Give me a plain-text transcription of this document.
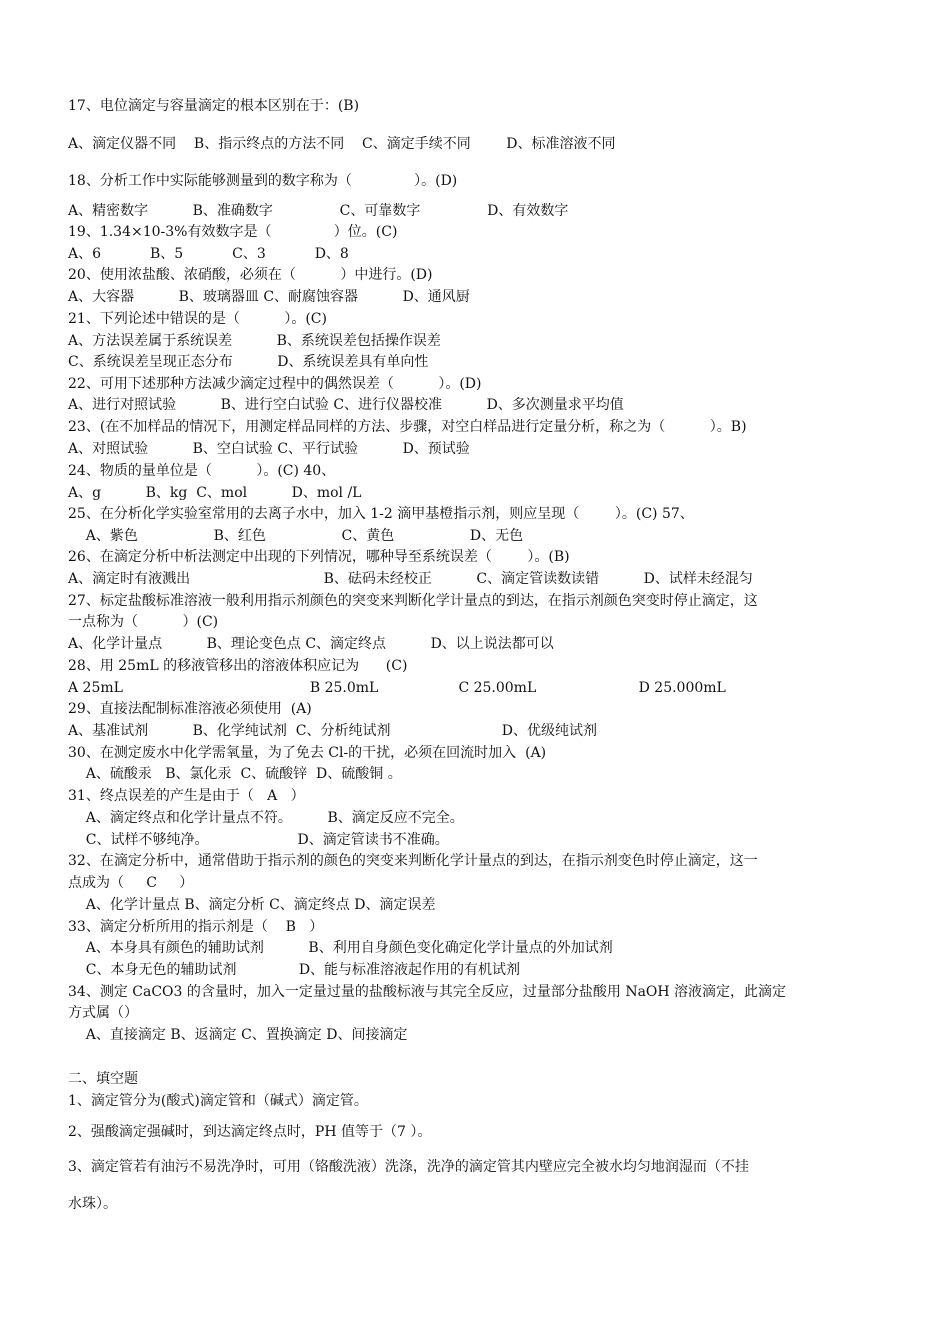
17、电位滴定与容量滴定的根本区别在于：(B)
A、滴定仪器不同    B、指示终点的方法不同    C、滴定手续不同        D、标准溶液不同
18、分析工作中实际能够测量到的数字称为（              ）。(D)
A、精密数字          B、准确数字               C、可靠数字               D、有效数字
19、1.34×10-3%有效数字是（              ）位。(C)
A、6           B、5           C、3           D、8
20、使用浓盐酸、浓硝酸，必须在（          ）中进行。(D)
A、大容器          B、玻璃器皿 C、耐腐蚀容器          D、通风厨
21、下列论述中错误的是（          ）。(C)
A、方法误差属于系统误差          B、系统误差包括操作误差
C、系统误差呈现正态分布          D、系统误差具有单向性
22、可用下述那种方法减少滴定过程中的偶然误差（          ）。(D)
A、进行对照试验          B、进行空白试验 C、进行仪器校准          D、多次测量求平均值
23、(在不加样品的情况下，用测定样品同样的方法、步骤，对空白样品进行定量分析，称之为（          ）。B)
A、对照试验          B、空白试验 C、平行试验          D、预试验
24、物质的量单位是（          ）。(C) 40、
A、g          B、kg  C、mol          D、mol /L
25、在分析化学实验室常用的去离子水中，加入 1-2 滴甲基橙指示剂，则应呈现（        ）。(C) 57、
A、紫色                 B、红色                 C、黄色                 D、无色
26、在滴定分析中析法测定中出现的下列情况，哪种导至系统误差（        ）。(B)
A、滴定时有液溅出                              B、砝码未经校正          C、滴定管读数读错          D、试样未经混匀
27、标定盐酸标准溶液一般利用指示剂颜色的突变来判断化学计量点的到达，在指示剂颜色突变时停止滴定，这
一点称为（          ）(C)
A、化学计量点          B、理论变色点 C、滴定终点          D、以上说法都可以
28、用 25mL 的移液管移出的溶液体积应记为      (C)
A 25mL                                          B 25.0mL                  C 25.00mL                       D 25.000mL
29、直接法配制标准溶液必须使用  (A)
A、基准试剂          B、化学纯试剂  C、分析纯试剂                         D、优级纯试剂
30、在测定废水中化学需氧量，为了免去 Cl-的干扰，必须在回流时加入  (A)
A、硫酸汞   B、氯化汞  C、硫酸锌  D、硫酸铜 。
31、终点误差的产生是由于（   A   ）
A、滴定终点和化学计量点不符。        B、滴定反应不完全。
C、试样不够纯净。                    D、滴定管读书不准确。
32、在滴定分析中，通常借助于指示剂的颜色的突变来判断化学计量点的到达，在指示剂变色时停止滴定，这一
点成为（     C     ）
A、化学计量点 B、滴定分析 C、滴定终点 D、滴定误差
33、滴定分析所用的指示剂是（    B   ）
A、本身具有颜色的辅助试剂          B、利用自身颜色变化确定化学计量点的外加试剂
C、本身无色的辅助试剂              D、能与标准溶液起作用的有机试剂
34、测定 CaCO3 的含量时，加入一定量过量的盐酸标液与其完全反应，过量部分盐酸用 NaOH 溶液滴定，此滴定
方式属（）
A、直接滴定 B、返滴定 C、置换滴定 D、间接滴定
二、填空题
1、滴定管分为(酸式)滴定管和（碱式）滴定管。
2、强酸滴定强碱时，到达滴定终点时，PH 值等于（7 ）。
3、滴定管若有油污不易洗净时，可用（铬酸洗液）洗涤，洗净的滴定管其内壁应完全被水均匀地润湿而（不挂
水珠）。
